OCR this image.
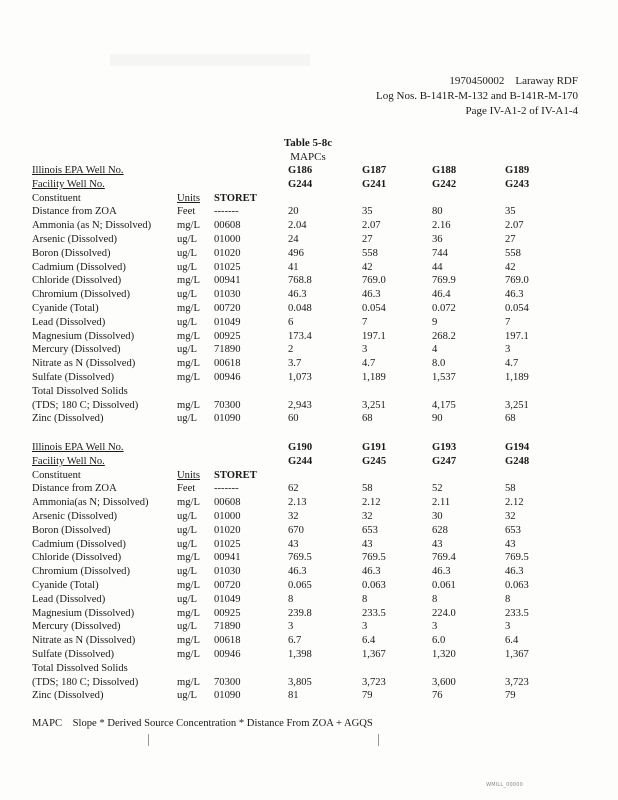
1970450002    Laraway RDF
Log Nos. B-141R-M-132 and B-141R-M-170
Page IV-A1-2 of IV-A1-4
Table 5-8c
MAPCs
Illinois EPA Well No.	G186	G187	G188	G189
Facility Well No.	G244	G241	G242	G243
Constituent	Units STORET
Distance from ZOA	Feet -------	20	35	80	35
Ammonia (as N; Dissolved) mg/L 00608	2.04	2.07	2.16	2.07
Arsenic (Dissolved)	ug/L 01000	24	27	36	27
Boron (Dissolved)	ug/L 01020	496	558	744	558
Cadmium (Dissolved)	ug/L 01025	41	42	44	42
Chloride (Dissolved)	mg/L 00941	768.8	769.0	769.9	769.0
Chromium (Dissolved)	ug/L 01030	46.3	46.3	46.4	46.3
Cyanide (Total)	mg/L 00720	0.048	0.054	0.072	0.054
Lead (Dissolved)	ug/L 01049	6	7	9	7
Magnesium (Dissolved)	mg/L 00925	173.4	197.1	268.2	197.1
Mercury (Dissolved)	ug/L 71890	2	3	4	3
Nitrate as N (Dissolved)	mg/L 00618	3.7	4.7	8.0	4.7
Sulfate (Dissolved)	mg/L 00946	1,073	1,189	1,537	1,189
Total Dissolved Solids
(TDS; 180 C; Dissolved)	mg/L 70300	2,943	3,251	4,175	3,251
Zinc (Dissolved)	ug/L 01090	60	68	90	68
Illinois EPA Well No.	G190	G191	G193	G194
Facility Well No.	G244	G245	G247	G248
Constituent	Units STORET
Distance from ZOA	Feet -------	62	58	52	58
Ammonia(as N; Dissolved)	mg/L 00608	2.13	2.12	2.11	2.12
Arsenic (Dissolved)	ug/L 01000	32	32	30	32
Boron (Dissolved)	ug/L 01020	670	653	628	653
Cadmium (Dissolved)	ug/L 01025	43	43	43	43
Chloride (Dissolved)	mg/L 00941	769.5	769.5	769.4	769.5
Chromium (Dissolved)	ug/L 01030	46.3	46.3	46.3	46.3
Cyanide (Total)	mg/L 00720	0.065	0.063	0.061	0.063
Lead (Dissolved)	ug/L 01049	8	8	8	8
Magnesium (Dissolved)	mg/L 00925	239.8	233.5	224.0	233.5
Mercury (Dissolved)	ug/L 71890	3	3	3	3
Nitrate as N (Dissolved)	mg/L 00618	6.7	6.4	6.0	6.4
Sulfate (Dissolved)	mg/L 00946	1,398	1,367	1,320	1,367
Total Dissolved Solids
(TDS; 180 C; Dissolved)	mg/L 70300	3,805	3,723	3,600	3,723
Zinc (Dissolved)	ug/L 01090	81	79	76	79
MAPC    Slope * Derived Source Concentration * Distance From ZOA + AGQS
WMILL_00000
